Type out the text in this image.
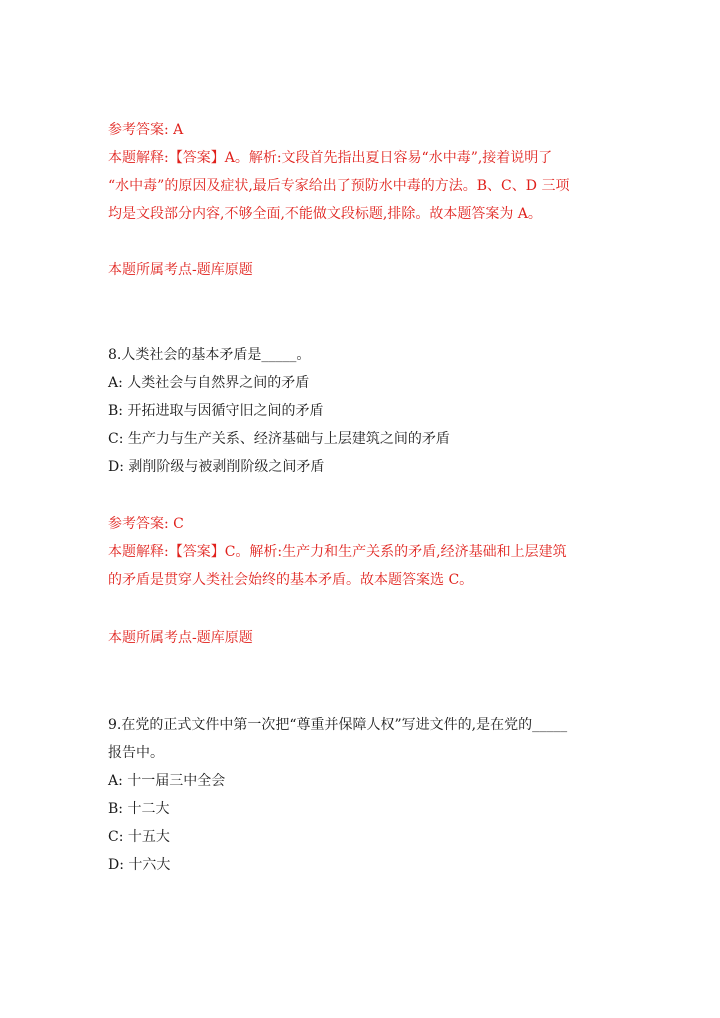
参考答案: A
本题解释:【答案】A。解析:文段首先指出夏日容易“水中毒”,接着说明了
“水中毒”的原因及症状,最后专家给出了预防水中毒的方法。B、C、D 三项
均是文段部分内容,不够全面,不能做文段标题,排除。故本题答案为 A。
本题所属考点-题库原题
8.人类社会的基本矛盾是_____。
A: 人类社会与自然界之间的矛盾
B: 开拓进取与因循守旧之间的矛盾
C: 生产力与生产关系、经济基础与上层建筑之间的矛盾
D: 剥削阶级与被剥削阶级之间矛盾
参考答案: C
本题解释:【答案】C。解析:生产力和生产关系的矛盾,经济基础和上层建筑
的矛盾是贯穿人类社会始终的基本矛盾。故本题答案选 C。
本题所属考点-题库原题
9.在党的正式文件中第一次把“尊重并保障人权”写进文件的,是在党的_____
报告中。
A: 十一届三中全会
B: 十二大
C: 十五大
D: 十六大
